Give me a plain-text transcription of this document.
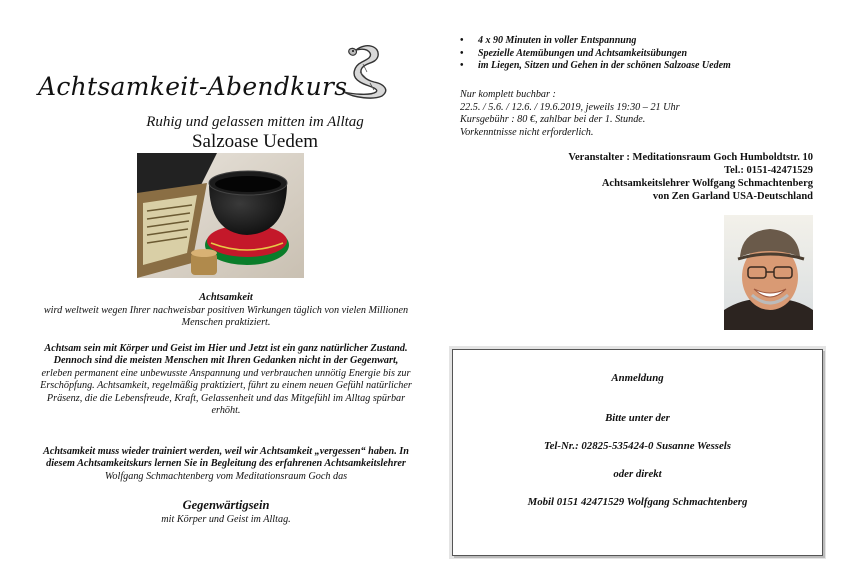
Achtsamkeit-Abendkurs
Ruhig und gelassen mitten im Alltag
Salzoase Uedem
Achtsamkeit
wird weltweit wegen Ihrer nachweisbar positiven Wirkungen täglich von vielen Millionen Menschen praktiziert.
Achtsam sein mit Körper und Geist im Hier und Jetzt ist ein ganz natürlicher Zustand. Dennoch sind die meisten Menschen mit Ihren Gedanken nicht in der Gegenwart, erleben permanent eine unbewusste Anspannung und verbrauchen unnötig Energie bis zur Erschöpfung. Achtsamkeit, regelmäßig praktiziert, führt zu einem neuen Gefühl natürlicher Präsenz, die die Lebensfreude, Kraft, Gelassenheit und das Mitgefühl im Alltag spürbar erhöht.
Achtsamkeit muss wieder trainiert werden, weil wir Achtsamkeit „vergessen“ haben. In diesem Achtsamkeitskurs lernen Sie in Begleitung des erfahrenen Achtsamkeitslehrer Wolfgang Schmachtenberg vom Meditationsraum Goch das
Gegenwärtigsein
mit Körper und Geist im Alltag.
• 4 x 90 Minuten in voller Entspannung
• Spezielle Atemübungen und Achtsamkeitsübungen
• im Liegen, Sitzen und Gehen in der schönen Salzoase Uedem
Nur komplett buchbar :
22.5. / 5.6. / 12.6. / 19.6.2019, jeweils 19:30 – 21 Uhr
Kursgebühr : 80 €, zahlbar bei der 1. Stunde.
Vorkenntnisse nicht erforderlich.
Veranstalter : Meditationsraum Goch Humboldtstr. 10
Tel.: 0151-42471529
Achtsamkeitslehrer Wolfgang Schmachtenberg
von Zen Garland USA-Deutschland
Anmeldung
Bitte unter der
Tel-Nr.: 02825-535424-0 Susanne Wessels
oder direkt
Mobil 0151 42471529 Wolfgang Schmachtenberg
